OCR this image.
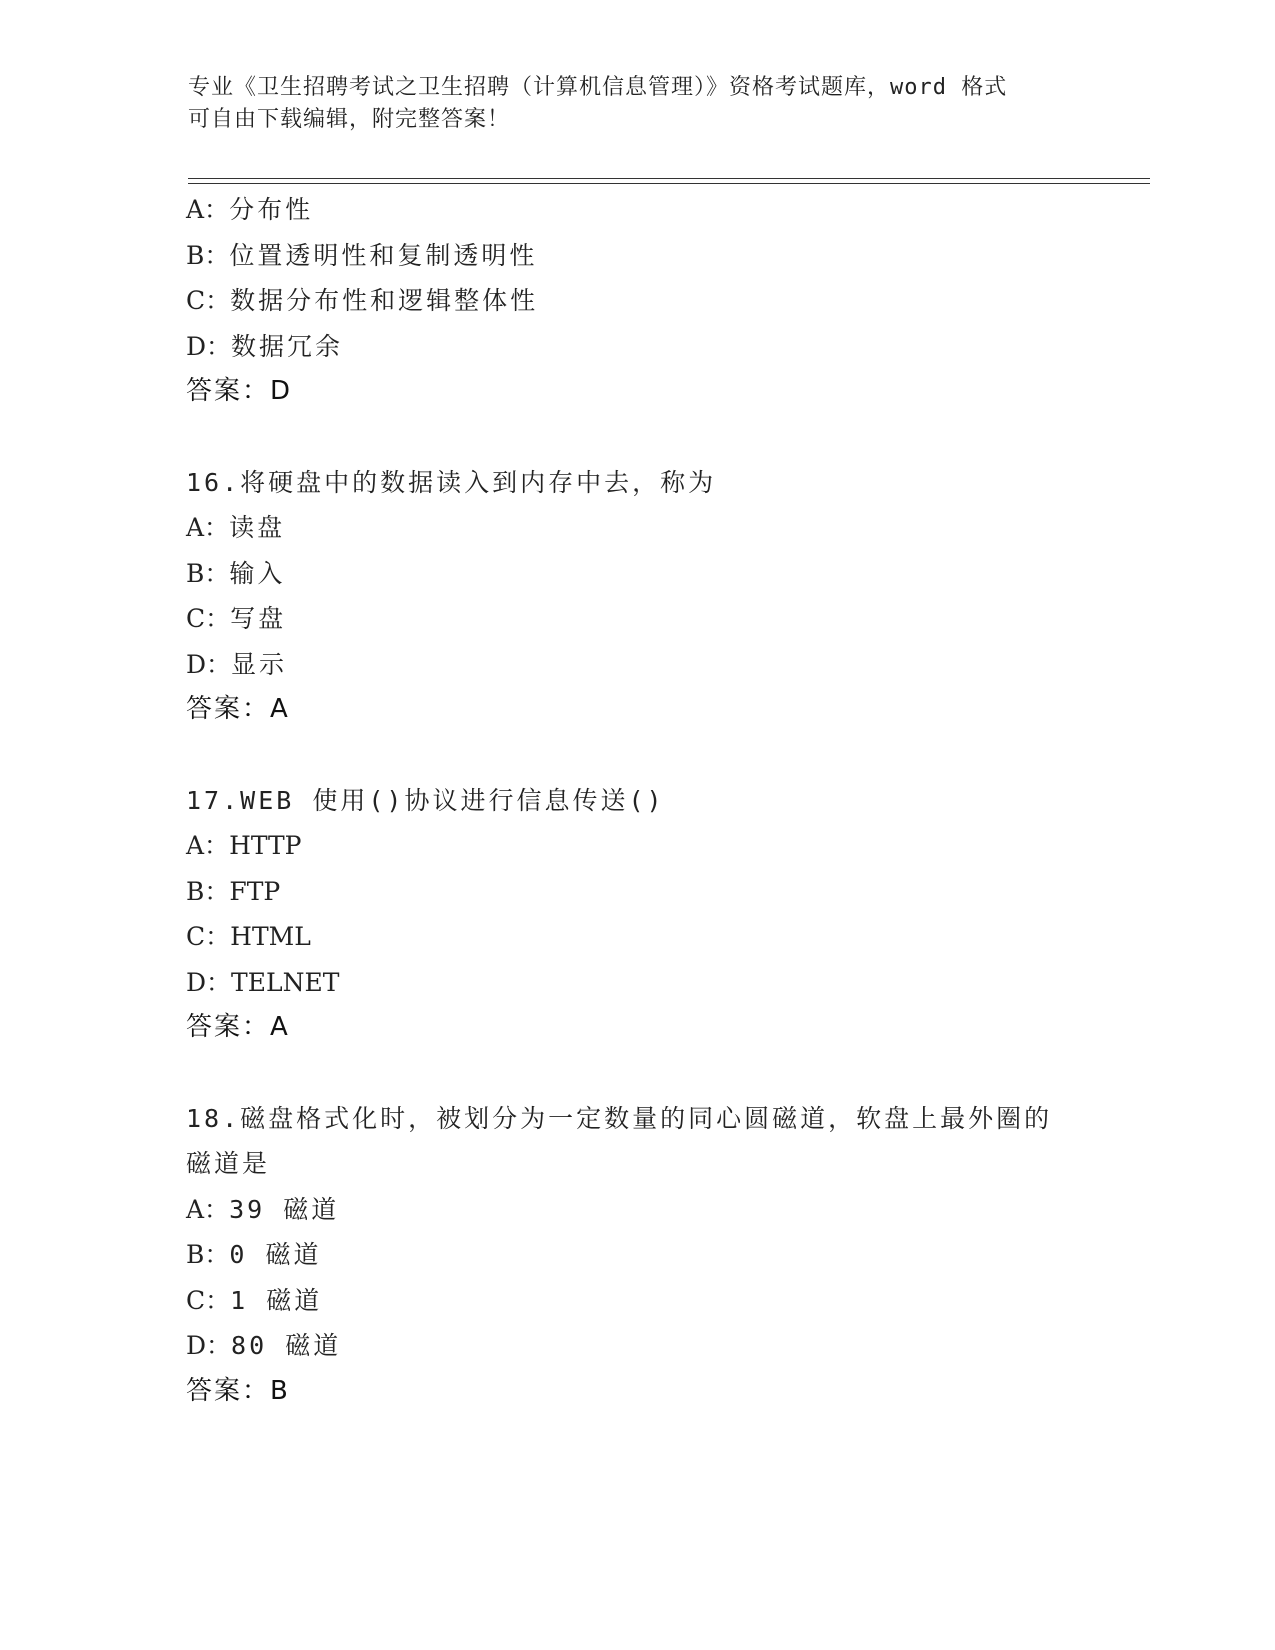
专业《卫生招聘考试之卫生招聘（计算机信息管理）》资格考试题库，word 格式
可自由下载编辑，附完整答案！
A：分布性
B：位置透明性和复制透明性
C：数据分布性和逻辑整体性
D：数据冗余
答案：D
16.将硬盘中的数据读入到内存中去，称为
A：读盘
B：输入
C：写盘
D：显示
答案：A
17.WEB 使用()协议进行信息传送()
A：HTTP
B：FTP
C：HTML
D：TELNET
答案：A
18.磁盘格式化时，被划分为一定数量的同心圆磁道，软盘上最外圈的
磁道是
A：39 磁道
B：0 磁道
C：1 磁道
D：80 磁道
答案：B
